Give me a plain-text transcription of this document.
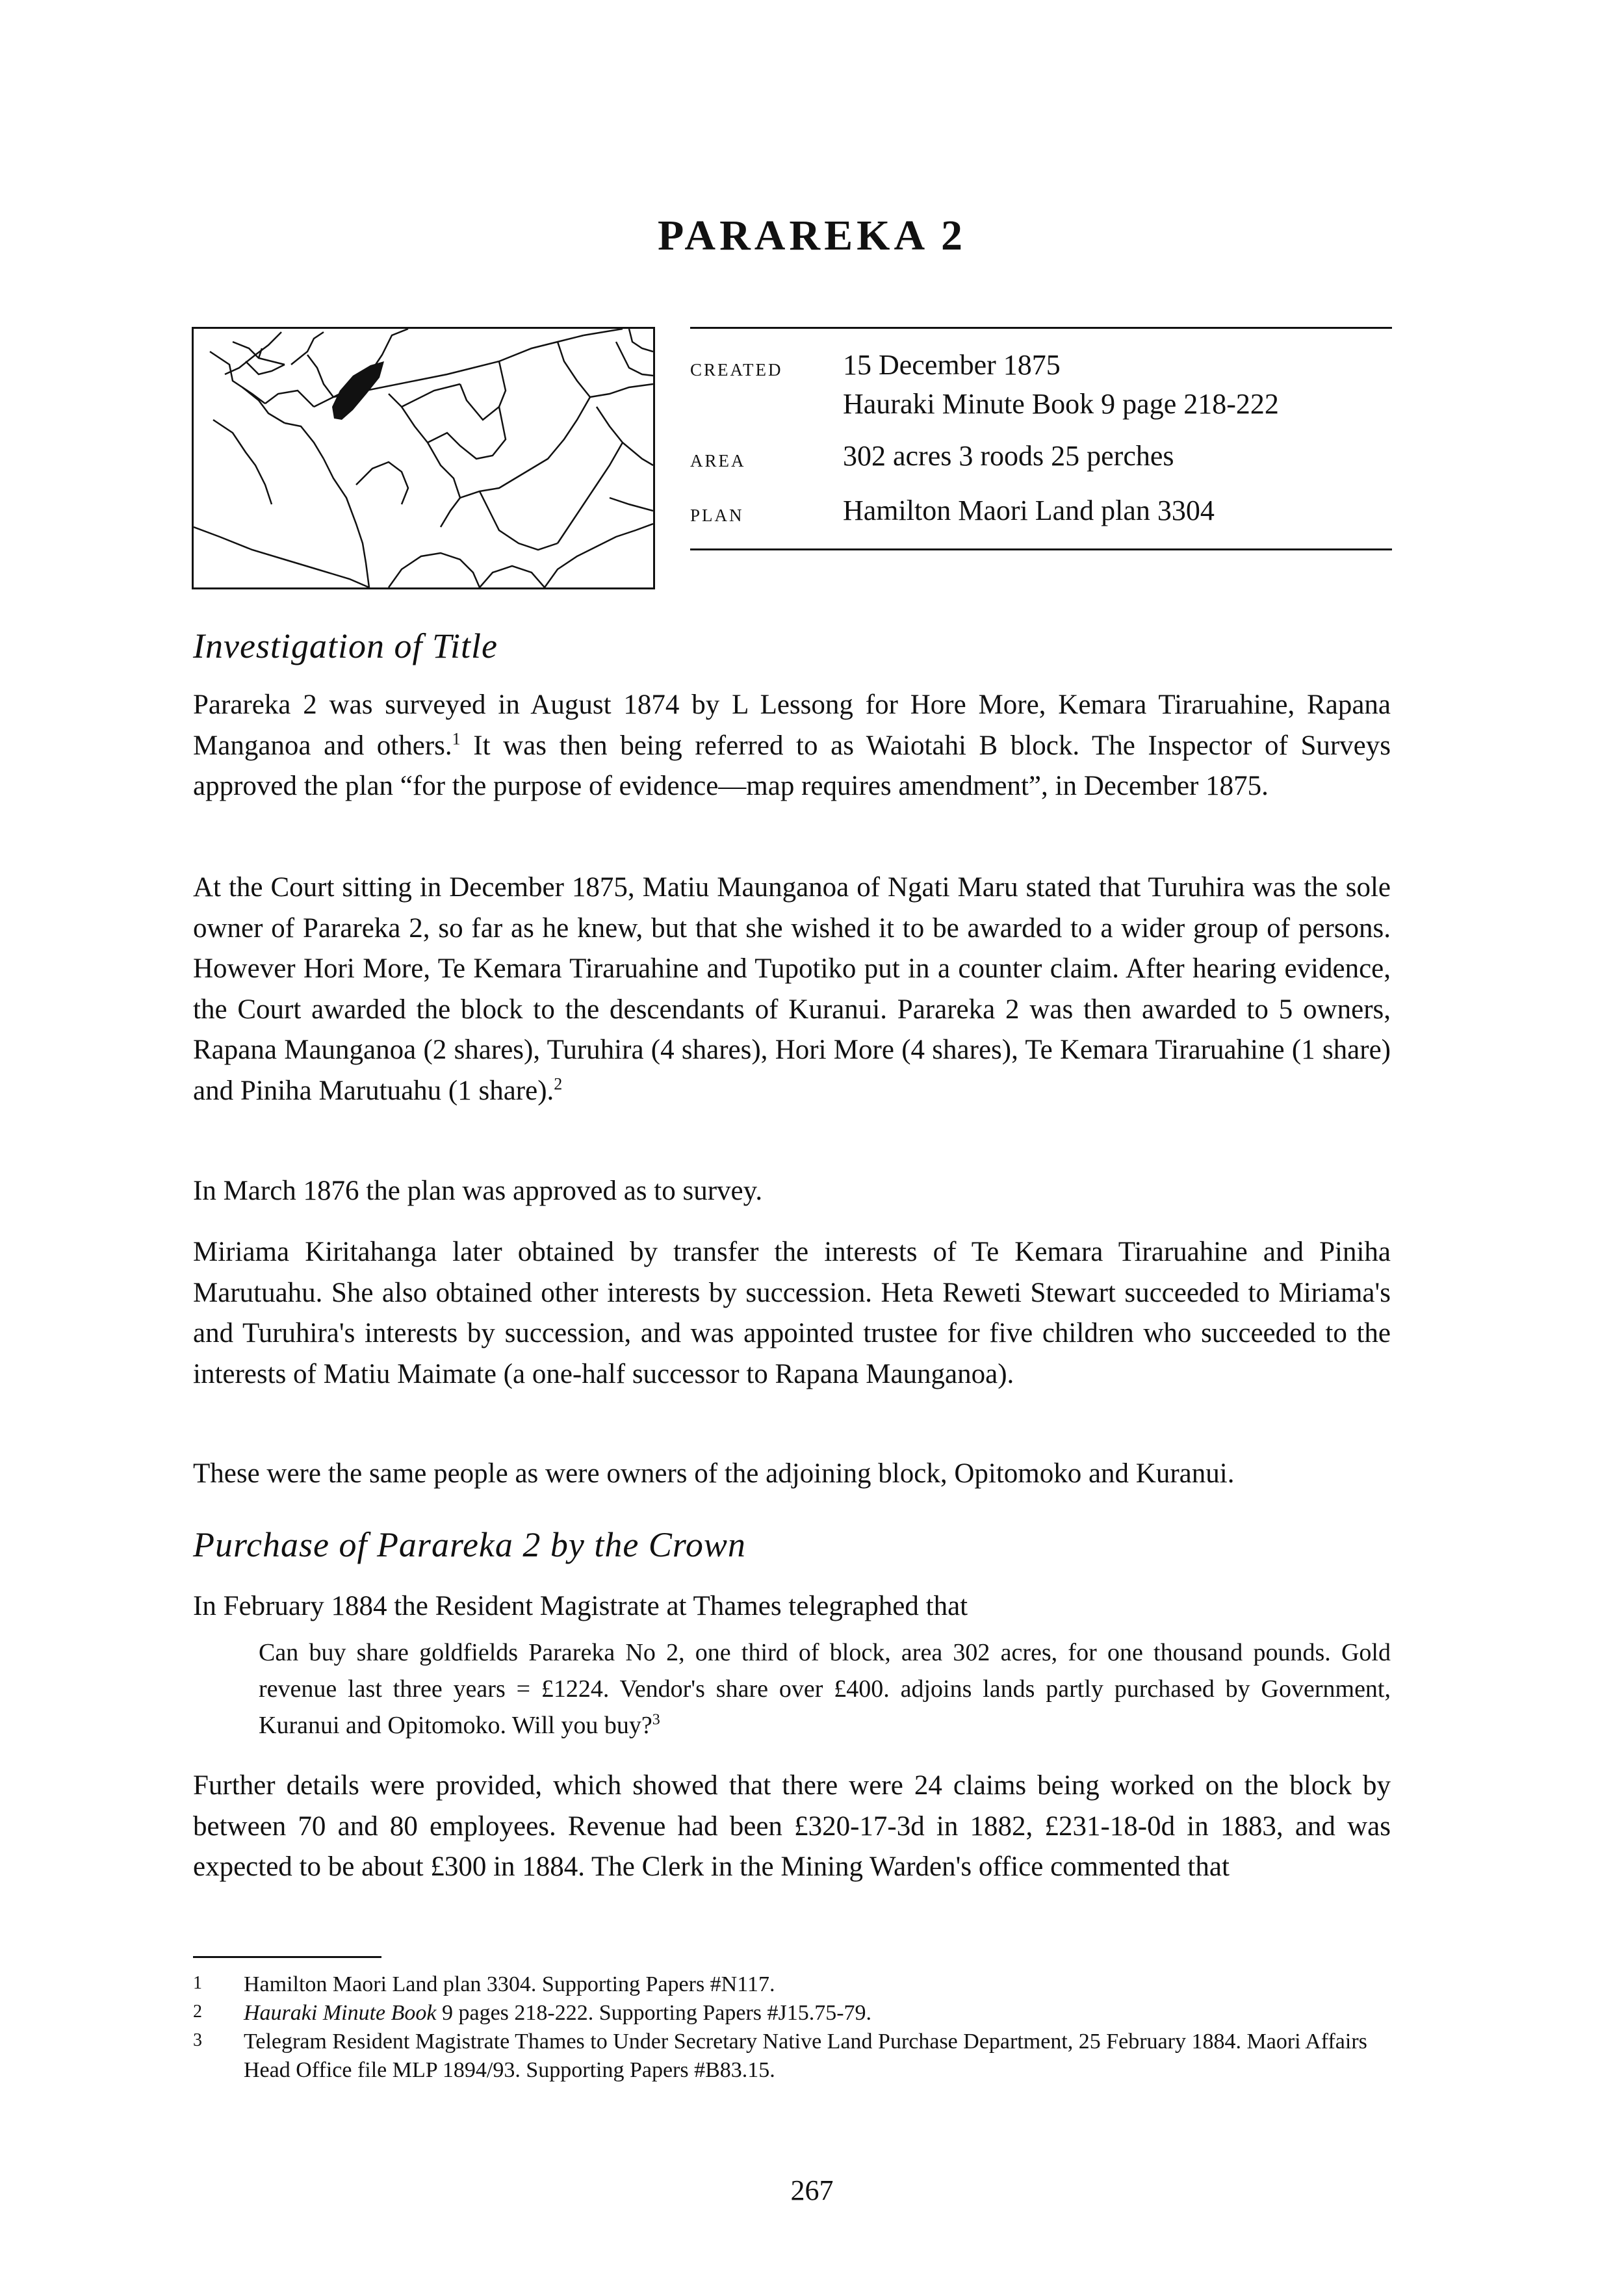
PARAREKA 2
created	15 December 1875
Hauraki Minute Book 9 page 218-222
area	302 acres 3 roods 25 perches
plan	Hamilton Maori Land plan 3304
Investigation of Title

Parareka 2 was surveyed in August 1874 by L Lessong for Hore More, Kemara Tiraruahine, Rapana Manganoa and others.$^1$ It was then being referred to as Waiotahi B block. The Inspector of Surveys approved the plan “for the purpose of evidence—map requires amendment”, in December 1875.

At the Court sitting in December 1875, Matiu Maunganoa of Ngati Maru stated that Turuhira was the sole owner of Parareka 2, so far as he knew, but that she wished it to be awarded to a wider group of persons. However Hori More, Te Kemara Tiraruahine and Tupotiko put in a counter claim. After hearing evidence, the Court awarded the block to the descendants of Kuranui. Parareka 2 was then awarded to 5 owners, Rapana Maunganoa (2 shares), Turuhira (4 shares), Hori More (4 shares), Te Kemara Tiraruahine (1 share) and Piniha Marutuahu (1 share).$^2$

In March 1876 the plan was approved as to survey.

Miriama Kiritahanga later obtained by transfer the interests of Te Kemara Tiraruahine and Piniha Marutuahu. She also obtained other interests by succession. Heta Reweti Stewart succeeded to Miriama's and Turuhira's interests by succession, and was appointed trustee for five children who succeeded to the interests of Matiu Maimate (a one-half successor to Rapana Maunganoa).

These were the same people as were owners of the adjoining block, Opitomoko and Kuranui.

Purchase of Parareka 2 by the Crown

In February 1884 the Resident Magistrate at Thames telegraphed that

Can buy share goldfields Parareka No 2, one third of block, area 302 acres, for one thousand pounds. Gold revenue last three years = £1224. Vendor's share over £400. adjoins lands partly purchased by Government, Kuranui and Opitomoko. Will you buy?$^3$

Further details were provided, which showed that there were 24 claims being worked on the block by between 70 and 80 employees. Revenue had been £320-17-3d in 1882, £231-18-0d in 1883, and was expected to be about £300 in 1884. The Clerk in the Mining Warden's office commented that

1	Hamilton Maori Land plan 3304. Supporting Papers #N117.
2	Hauraki Minute Book 9 pages 218-222. Supporting Papers #J15.75-79.
3	Telegram Resident Magistrate Thames to Under Secretary Native Land Purchase Department, 25 February 1884. Maori Affairs Head Office file MLP 1894/93. Supporting Papers #B83.15.
267
